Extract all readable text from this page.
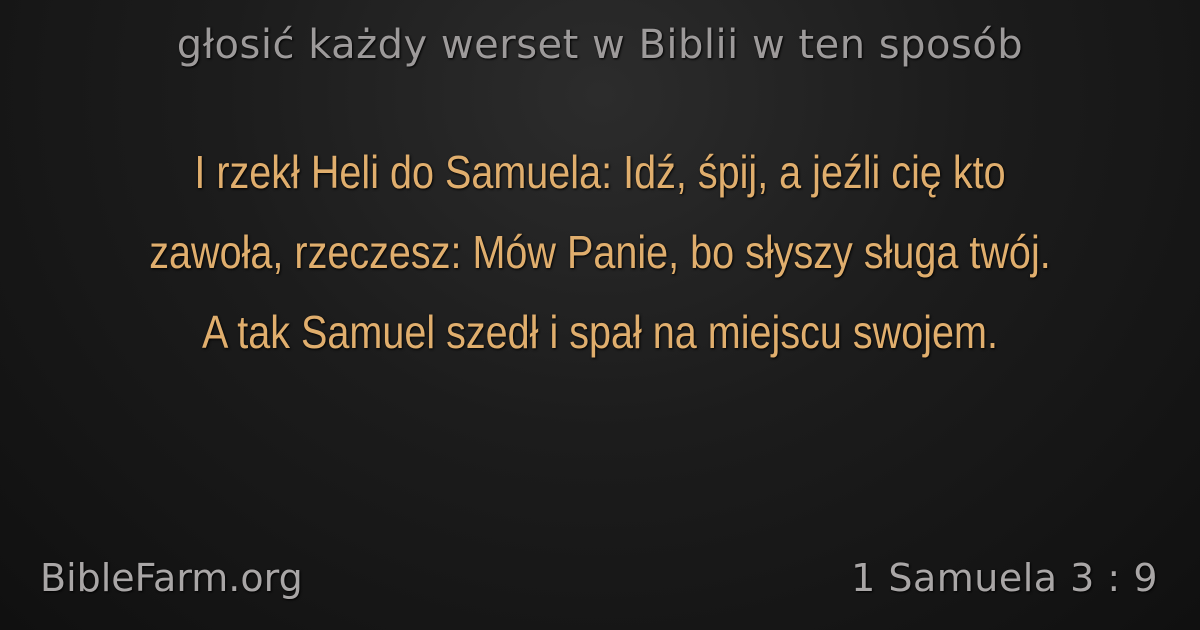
głosić każdy werset w Biblii w ten sposób
I rzekł Heli do Samuela: Idź, śpij, a jeźli cię kto zawoła, rzeczesz: Mów Panie, bo słyszy sługa twój. A tak Samuel szedł i spał na miejscu swojem.
BibleFarm.org	1 Samuela 3 : 9
